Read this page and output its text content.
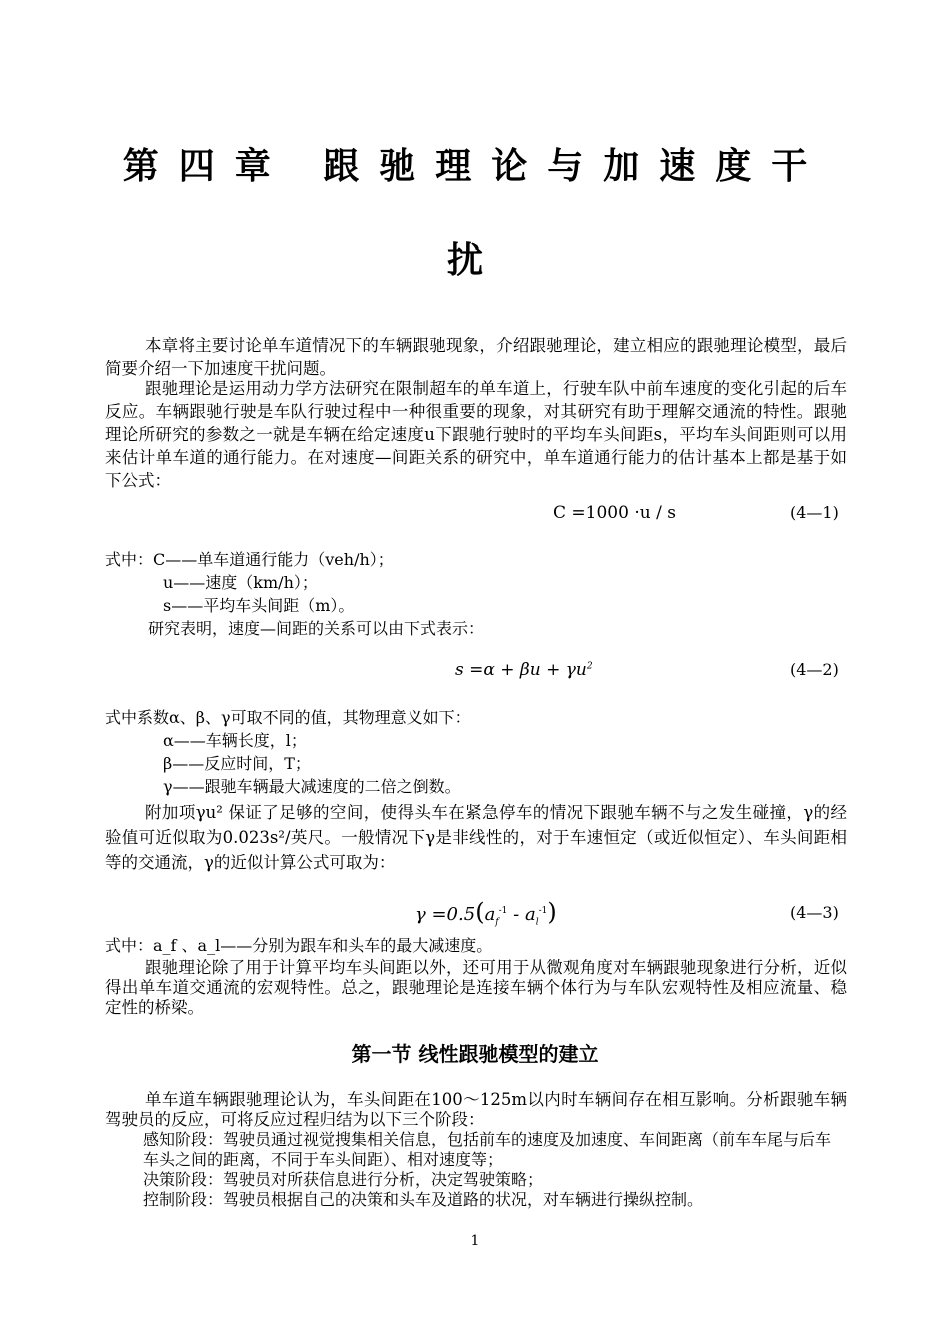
第四章 跟驰理论与加速度干
扰

本章将主要讨论单车道情况下的车辆跟驰现象，介绍跟驰理论，建立相应的跟驰理论模型，最后简要介绍一下加速度干扰问题。

跟驰理论是运用动力学方法研究在限制超车的单车道上，行驶车队中前车速度的变化引起的后车反应。车辆跟驰行驶是车队行驶过程中一种很重要的现象，对其研究有助于理解交通流的特性。跟驰理论所研究的参数之一就是车辆在给定速度u下跟驰行驶时的平均车头间距s，平均车头间距则可以用来估计单车道的通行能力。在对速度—间距关系的研究中，单车道通行能力的估计基本上都是基于如下公式：

C =1000 ·u / s	(4—1)
式中：C——单车道通行能力（veh/h）；
u——速度（km/h）；
s——平均车头间距（m）。
研究表明，速度—间距的关系可以由下式表示：
$s =\alpha + \beta u + \gamma u^2$	(4—2)
式中系数α、β、γ可取不同的值，其物理意义如下：
α——车辆长度，l；
β——反应时间，T；
γ——跟驰车辆最大减速度的二倍之倒数。

附加项γu² 保证了足够的空间，使得头车在紧急停车的情况下跟驰车辆不与之发生碰撞，γ的经验值可近似取为0.023s²/英尺。一般情况下γ是非线性的，对于车速恒定（或近似恒定）、车头间距相等的交通流，γ的近似计算公式可取为：

$\gamma =0.5(a_f^{-1} - a_l^{-1})$	(4—3)
式中：a_f 、a_l——分别为跟车和头车的最大减速度。

跟驰理论除了用于计算平均车头间距以外，还可用于从微观角度对车辆跟驰现象进行分析，近似得出单车道交通流的宏观特性。总之，跟驰理论是连接车辆个体行为与车队宏观特性及相应流量、稳定性的桥梁。

第一节 线性跟驰模型的建立

单车道车辆跟驰理论认为，车头间距在100～125m以内时车辆间存在相互影响。分析跟驰车辆驾驶员的反应，可将反应过程归结为以下三个阶段：

感知阶段：驾驶员通过视觉搜集相关信息，包括前车的速度及加速度、车间距离（前车车尾与后车车头之间的距离，不同于车头间距）、相对速度等；
决策阶段：驾驶员对所获信息进行分析，决定驾驶策略；
控制阶段：驾驶员根据自己的决策和头车及道路的状况，对车辆进行操纵控制。
1
